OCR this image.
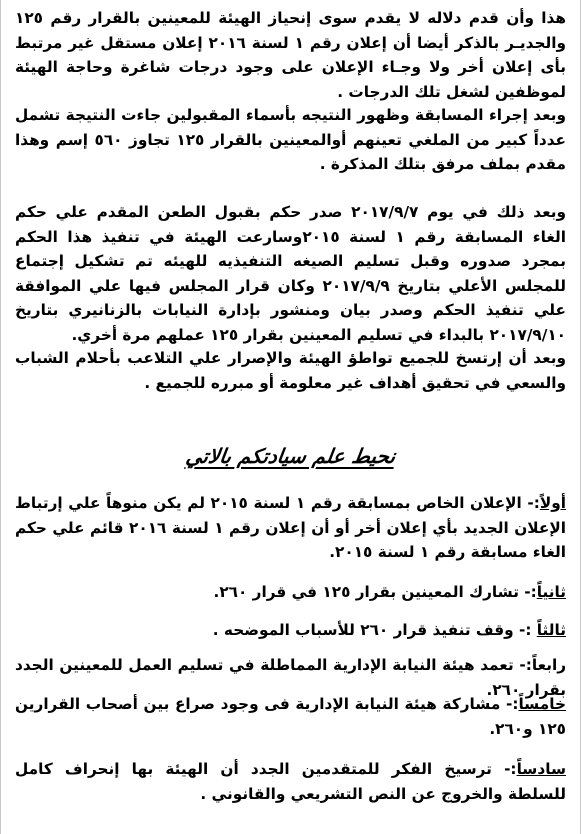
هذا وأن قدم دلاله لا يقدم سوى إنحياز الهيئة للمعينين بالقرار رقم ١٢٥ والجديـر بالذكر أيضا أن إعلان رقم ١ لسنة ٢٠١٦ إعلان مستقل غير مرتبط بأى إعلان أخر ولا وجـاء الإعلان على وجود درجات شاغرة وحاجة الهيئة لموظفين لشغل تلك الدرجات .
وبعد إجراء المسابقة وظهور النتيجه بأسماء المقبولين جاءت النتيجة تشمل عدداً كبير من الملغي تعينهم أوالمعينين بالقرار ١٢٥ تجاوز ٥٦٠ إسم وهذا مقدم بملف مرفق بتلك المذكرة .
وبعد ذلك في يوم ٢٠١٧/٩/٧ صدر حكم بقبول الطعن المقدم علي حكم الغاء المسابقة رقم ١ لسنة ٢٠١٥وسارعت الهيئة في تنفيذ هذا الحكم بمجرد صدوره وقبل تسليم الصيغه التنفيذيه للهيئه تم تشكيل إجتماع للمجلس الأعلي بتاريخ ٢٠١٧/٩/٩ وكان قرار المجلس فيها علي الموافقة علي تنفيذ الحكم وصدر بيان ومنشور بإدارة النيابات بالزنانيري بتاريخ ٢٠١٧/٩/١٠ بالبداء في تسليم المعينين بقرار ١٢٥ عملهم مرة أخري.
وبعد أن إرتسخ للجميع تواطؤ الهيئة والإصرار علي التلاعب بأحلام الشباب والسعي في تحقيق أهداف غير معلومة أو مبرره للجميع .
نحيط علم سيادتكم بالاتي
أولاً:- الإعلان الخاص بمسابقة رقم ١ لسنة ٢٠١٥ لم يكن منوهاً علي إرتباط الإعلان الجديد بأي إعلان أخر أو أن إعلان رقم ١ لسنة ٢٠١٦ قائم علي حكم الغاء مسابقة رقم ١ لسنة ٢٠١٥.
ثانياً:- تشارك المعينين بقرار ١٢٥ في قرار ٢٦٠.
ثالثاً :- وقف تنفيذ قرار ٢٦٠ للأسباب الموضحه .
رابعاً:- تعمد هيئة النيابة الإدارية المماطلة في تسليم العمل للمعينين الجدد بقرار ٢٦٠.
خامساً:- مشاركة هيئة النيابة الإدارية فى وجود صراع بين أصحاب القرارين ١٢٥ و٢٦٠.
سادساً:- ترسيخ الفكر للمتقدمين الجدد أن الهيئة بها إنحراف كامل للسلطة والخروج عن النص التشريعي والقانوني .
